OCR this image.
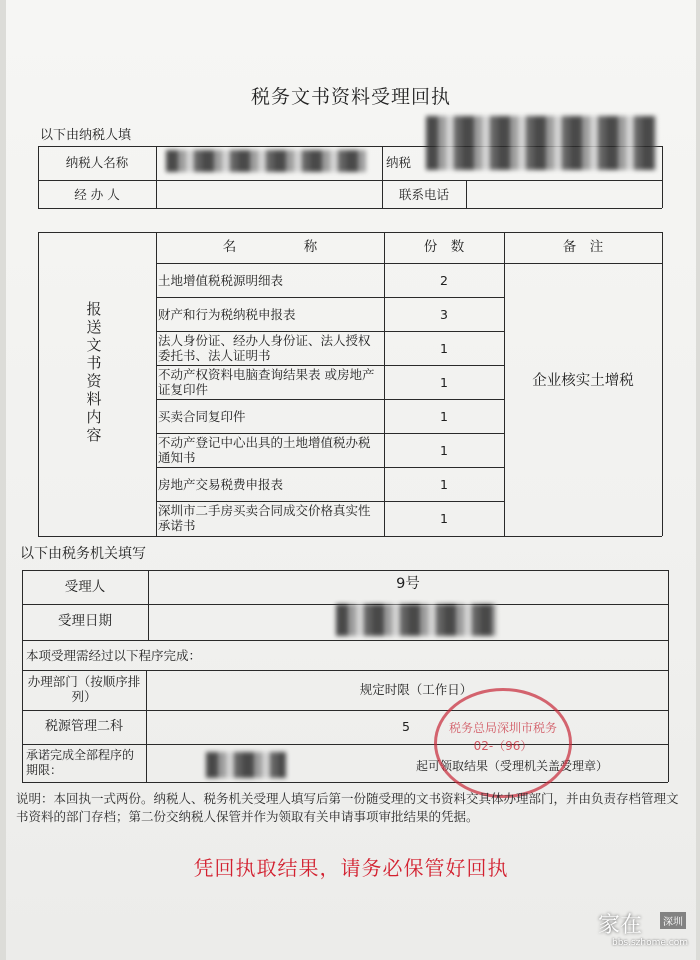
税务文书资料受理回执
以下由纳税人填
纳税人名称	纳税
经 办 人	联系电话
报送文书资料内容
名　　　　　称	份　数	备　注
土地增值税税源明细表	2
财产和行为税纳税申报表	3
法人身份证、经办人身份证、法人授权委托书、法人证明书	1
不动产权资料电脑查询结果表 或房地产证复印件	1
买卖合同复印件	1
不动产登记中心出具的土地增值税办税通知书	1
房地产交易税费申报表	1
深圳市二手房买卖合同成交价格真实性承诺书	1
企业核实土增税
以下由税务机关填写
受理人	9号
受理日期
本项受理需经过以下程序完成：
办理部门（按顺序排列）	规定时限（工作日）
税源管理二科	5
承诺完成全部程序的期限：	起可领取结果（受理机关盖受理章）
税务总局深圳市税务
02-（96）
说明：本回执一式两份。纳税人、税务机关受理人填写后第一份随受理的文书资料交具体办理部门，并由负责存档管理文书资料的部门存档；第二份交纳税人保管并作为领取有关申请事项审批结果的凭据。
凭回执取结果，请务必保管好回执
家在	深圳
bbs.szhome.com
